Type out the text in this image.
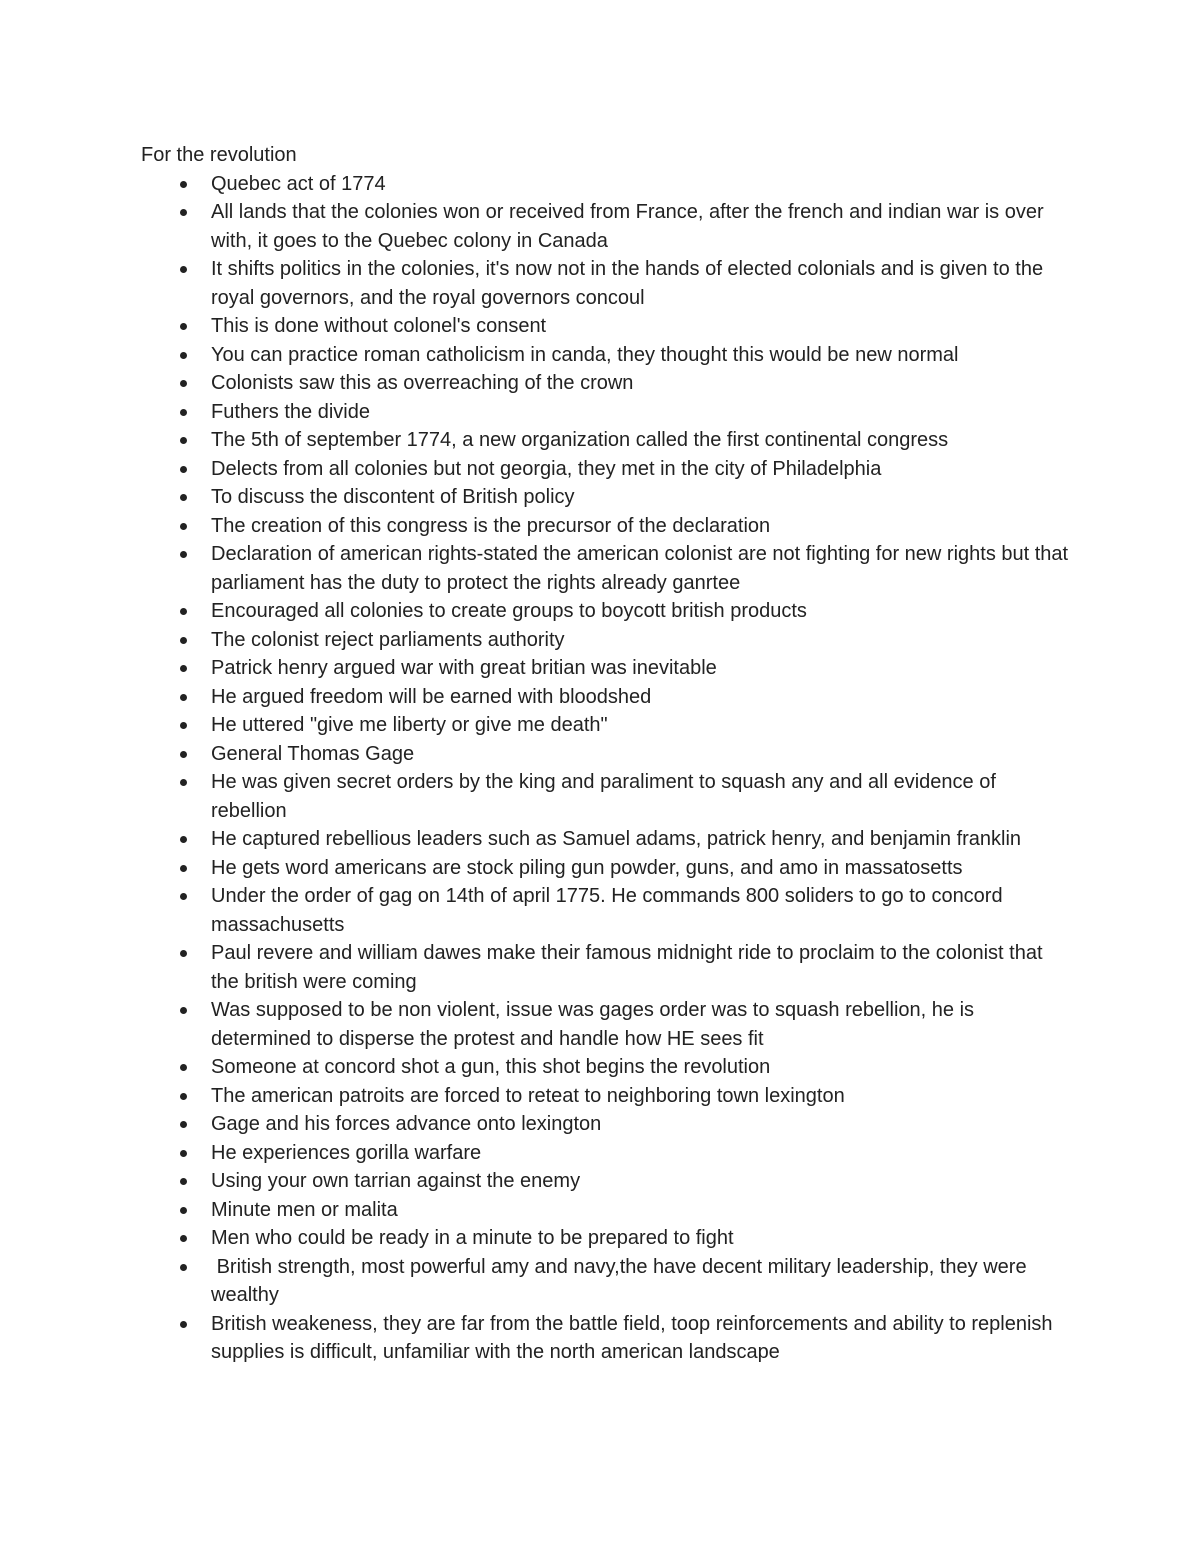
For the revolution

Quebec act of 1774
All lands that the colonies won or received from France, after the french and indian war is over with, it goes to the Quebec colony in Canada
It shifts politics in the colonies, it's now not in the hands of elected colonials and is given to the royal governors, and the royal governors concoul
This is done without colonel's consent
You can practice roman catholicism in canda, they thought this would be new normal
Colonists saw this as overreaching of the crown
Futhers the divide
The 5th of september 1774, a new organization called the first continental congress
Delects from all colonies but not georgia, they met in the city of Philadelphia
To discuss the discontent of British policy
The creation of this congress is the precursor of the declaration
Declaration of american rights-stated the american colonist are not fighting for new rights but that parliament has the duty to protect the rights already ganrtee
Encouraged all colonies to create groups to boycott british products
The colonist reject parliaments authority
Patrick henry argued war with great britian was inevitable
He argued freedom will be earned with bloodshed
He uttered "give me liberty or give me death"
General Thomas Gage
He was given secret orders by the king and paraliment to squash any and all evidence of rebellion
He captured rebellious leaders such as Samuel adams, patrick henry, and benjamin franklin
He gets word americans are stock piling gun powder, guns, and amo in massatosetts
Under the order of gag on 14th of april 1775. He commands 800 soliders to go to concord massachusetts
Paul revere and william dawes make their famous midnight ride to proclaim to the colonist that the british were coming
Was supposed to be non violent, issue was gages order was to squash rebellion, he is determined to disperse the protest and handle how HE sees fit
Someone at concord shot a gun, this shot begins the revolution
The american patroits are forced to reteat to neighboring town lexington
Gage and his forces advance onto lexington
He experiences gorilla warfare
Using your own tarrian against the enemy
Minute men or malita
Men who could be ready in a minute to be prepared to fight
British strength, most powerful amy and navy,the have decent military leadership, they were wealthy
British weakeness, they are far from the battle field, toop reinforcements and ability to replenish supplies is difficult, unfamiliar with the north american landscape
